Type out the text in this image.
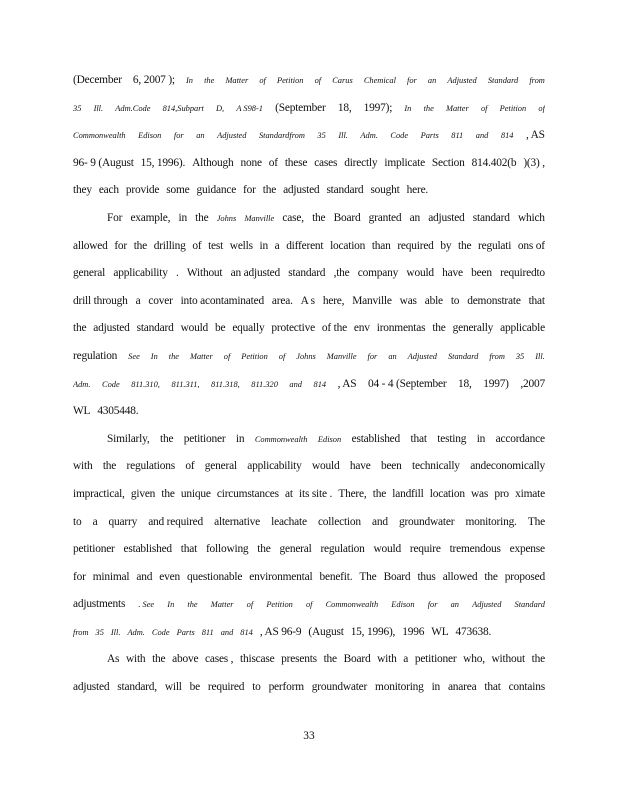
(December 6, 2007 ); In the Matter of Petition of Carus Chemical for an Adjusted Standard from
35 Ill. Adm.Code 814,Subpart D, A S98-1 (September 18, 1997); In the Matter of Petition of
Commonwealth Edison for an Adjusted Standardfrom 35 Ill. Adm. Code Parts 811 and 814 , AS
96- 9 (August 15, 1996). Although none of these cases directly implicate Section 814.402(b )(3) ,
they each provide some guidance for the adjusted standard sought here.
For example, in the Johns Manville case, the Board granted an adjusted standard which
allowed for the drilling of test wells in a different location than required by the regulati ons of
general applicability . Without an adjusted standard ,the company would have been requiredto
drill through a cover into acontaminated area. A s here, Manville was able to demonstrate that
the adjusted standard would be equally protective of the env ironmentas the generally applicable
regulation See In the Matter of Petition of Johns Manville for an Adjusted Standard from 35 Ill.
Adm. Code 811.310, 811.311, 811.318, 811.320 and 814 , AS 04 - 4 (September 18, 1997) ,2007
WL 4305448.
Similarly, the petitioner in Commonwealth Edison established that testing in accordance
with the regulations of general applicability would have been technically andeconomically
impractical, given the unique circumstances at its site . There, the landfill location was pro ximate
to a quarry and required alternative leachate collection and groundwater monitoring. The
petitioner established that following the general regulation would require tremendous expense
for minimal and even questionable environmental benefit. The Board thus allowed the proposed
adjustments . See In the Matter of Petition of Commonwealth Edison for an Adjusted Standard
from 35 Ill. Adm. Code Parts 811 and 814 , AS 96-9 (August 15, 1996), 1996 WL 473638.
As with the above cases , thiscase presents the Board with a petitioner who, without the
adjusted standard, will be required to perform groundwater monitoring in anarea that contains
33
